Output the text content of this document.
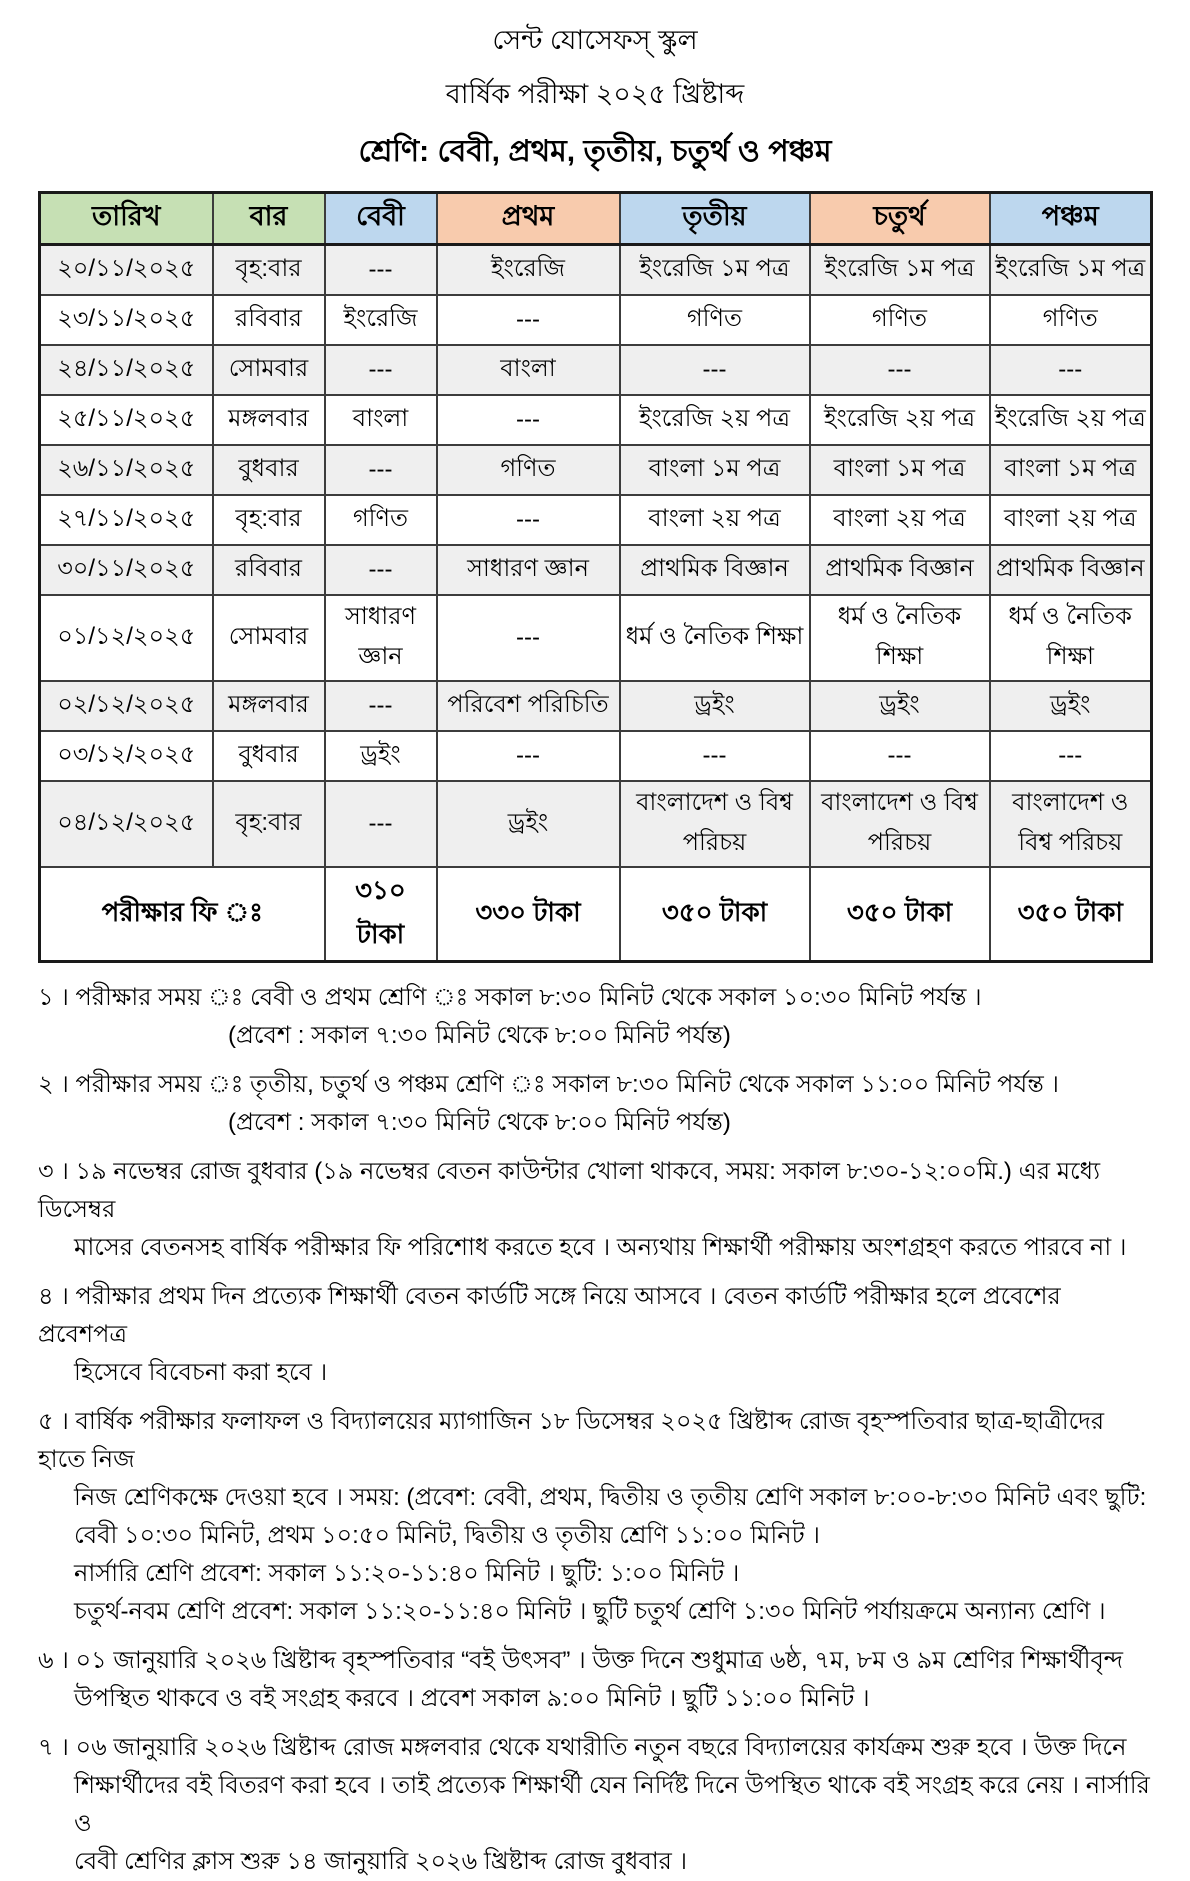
সেন্ট যোসেফস্ স্কুল
বার্ষিক পরীক্ষা ২০২৫ খ্রিষ্টাব্দ
শ্রেণি: বেবী, প্রথম, তৃতীয়, চতুর্থ ও পঞ্চম
তারিখ	বার	বেবী	প্রথম	তৃতীয়	চতুর্থ	পঞ্চম
২০/১১/২০২৫	বৃহ:বার	---	ইংরেজি	ইংরেজি ১ম পত্র	ইংরেজি ১ম পত্র	ইংরেজি ১ম পত্র
২৩/১১/২০২৫	রবিবার	ইংরেজি	---	গণিত	গণিত	গণিত
২৪/১১/২০২৫	সোমবার	---	বাংলা	---	---	---
২৫/১১/২০২৫	মঙ্গলবার	বাংলা	---	ইংরেজি ২য় পত্র	ইংরেজি ২য় পত্র	ইংরেজি ২য় পত্র
২৬/১১/২০২৫	বুধবার	---	গণিত	বাংলা ১ম পত্র	বাংলা ১ম পত্র	বাংলা ১ম পত্র
২৭/১১/২০২৫	বৃহ:বার	গণিত	---	বাংলা ২য় পত্র	বাংলা ২য় পত্র	বাংলা ২য় পত্র
৩০/১১/২০২৫	রবিবার	---	সাধারণ জ্ঞান	প্রাথমিক বিজ্ঞান	প্রাথমিক বিজ্ঞান	প্রাথমিক বিজ্ঞান
০১/১২/২০২৫	সোমবার	সাধারণ জ্ঞান	---	ধর্ম ও নৈতিক শিক্ষা	ধর্ম ও নৈতিক শিক্ষা	ধর্ম ও নৈতিক শিক্ষা
০২/১২/২০২৫	মঙ্গলবার	---	পরিবেশ পরিচিতি	ড্রইং	ড্রইং	ড্রইং
০৩/১২/২০২৫	বুধবার	ড্রইং	---	---	---	---
০৪/১২/২০২৫	বৃহ:বার	---	ড্রইং	বাংলাদেশ ও বিশ্ব পরিচয়	বাংলাদেশ ও বিশ্ব পরিচয়	বাংলাদেশ ও বিশ্ব পরিচয়
পরীক্ষার ফি ঃ		৩১০ টাকা	৩৩০ টাকা	৩৫০ টাকা	৩৫০ টাকা	৩৫০ টাকা
১ । পরীক্ষার সময় ঃ বেবী ও প্রথম শ্রেণি ঃ সকাল ৮:৩০ মিনিট থেকে সকাল ১০:৩০ মিনিট পর্যন্ত ।
(প্রবেশ : সকাল ৭:৩০ মিনিট থেকে ৮:০০ মিনিট পর্যন্ত)
২ । পরীক্ষার সময় ঃ তৃতীয়, চতুর্থ ও পঞ্চম শ্রেণি ঃ সকাল ৮:৩০ মিনিট থেকে সকাল ১১:০০ মিনিট পর্যন্ত ।
(প্রবেশ : সকাল ৭:৩০ মিনিট থেকে ৮:০০ মিনিট পর্যন্ত)
৩ । ১৯ নভেম্বর রোজ বুধবার (১৯ নভেম্বর বেতন কাউন্টার খোলা থাকবে, সময়: সকাল ৮:৩০-১২:০০মি.) এর মধ্যে ডিসেম্বর
মাসের বেতনসহ বার্ষিক পরীক্ষার ফি পরিশোধ করতে হবে । অন্যথায় শিক্ষার্থী পরীক্ষায় অংশগ্রহণ করতে পারবে না ।
৪ । পরীক্ষার প্রথম দিন প্রত্যেক শিক্ষার্থী বেতন কার্ডটি সঙ্গে নিয়ে আসবে । বেতন কার্ডটি পরীক্ষার হলে প্রবেশের প্রবেশপত্র
হিসেবে বিবেচনা করা হবে ।
৫ । বার্ষিক পরীক্ষার ফলাফল ও বিদ্যালয়ের ম্যাগাজিন ১৮ ডিসেম্বর ২০২৫ খ্রিষ্টাব্দ রোজ বৃহস্পতিবার ছাত্র-ছাত্রীদের হাতে নিজ
নিজ শ্রেণিকক্ষে দেওয়া হবে । সময়: (প্রবেশ: বেবী, প্রথম, দ্বিতীয় ও তৃতীয় শ্রেণি সকাল ৮:০০-৮:৩০ মিনিট এবং ছুটি:
বেবী ১০:৩০ মিনিট, প্রথম ১০:৫০ মিনিট, দ্বিতীয় ও তৃতীয় শ্রেণি ১১:০০ মিনিট ।
নার্সারি শ্রেণি প্রবেশ: সকাল ১১:২০-১১:৪০ মিনিট । ছুটি: ১:০০ মিনিট ।
চতুর্থ-নবম শ্রেণি প্রবেশ: সকাল ১১:২০-১১:৪০ মিনিট । ছুটি চতুর্থ শ্রেণি ১:৩০ মিনিট পর্যায়ক্রমে অন্যান্য শ্রেণি ।
৬ । ০১ জানুয়ারি ২০২৬ খ্রিষ্টাব্দ বৃহস্পতিবার “বই উৎসব” । উক্ত দিনে শুধুমাত্র ৬ষ্ঠ, ৭ম, ৮ম ও ৯ম শ্রেণির শিক্ষার্থীবৃন্দ
উপস্থিত থাকবে ও বই সংগ্রহ করবে । প্রবেশ সকাল ৯:০০ মিনিট । ছুটি ১১:০০ মিনিট ।
৭ । ০৬ জানুয়ারি ২০২৬ খ্রিষ্টাব্দ রোজ মঙ্গলবার থেকে যথারীতি নতুন বছরে বিদ্যালয়ের কার্যক্রম শুরু হবে । উক্ত দিনে
শিক্ষার্থীদের বই বিতরণ করা হবে । তাই প্রত্যেক শিক্ষার্থী যেন নির্দিষ্ট দিনে উপস্থিত থাকে বই সংগ্রহ করে নেয় । নার্সারি ও
বেবী শ্রেণির ক্লাস শুরু ১৪ জানুয়ারি ২০২৬ খ্রিষ্টাব্দ রোজ বুধবার ।
